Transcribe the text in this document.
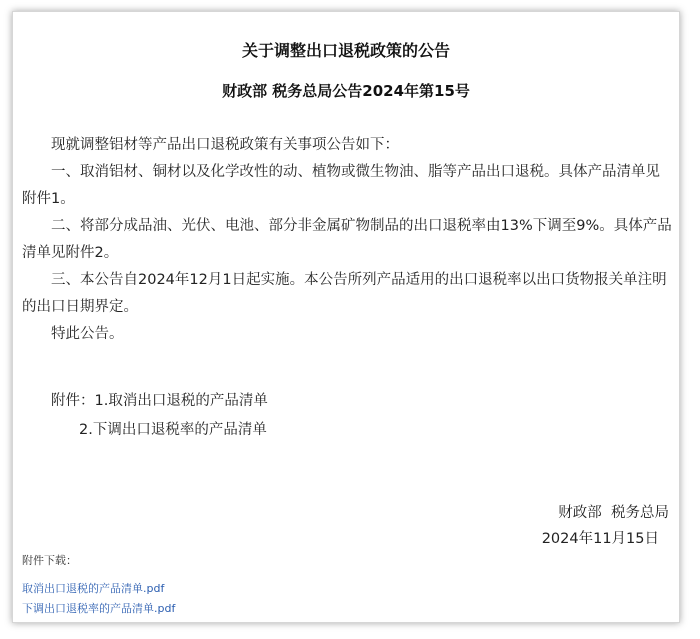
关于调整出口退税政策的公告
财政部 税务总局公告2024年第15号

现就调整铝材等产品出口退税政策有关事项公告如下：

一、取消铝材、铜材以及化学改性的动、植物或微生物油、脂等产品出口退税。具体产品清单见附件1。

二、将部分成品油、光伏、电池、部分非金属矿物制品的出口退税率由13%下调至9%。具体产品清单见附件2。

三、本公告自2024年12月1日起实施。本公告所列产品适用的出口退税率以出口货物报关单注明的出口日期界定。

特此公告。

附件：1.取消出口退税的产品清单

2.下调出口退税率的产品清单

财政部  税务总局

2024年11月15日

附件下载：

取消出口退税的产品清单.pdf
下调出口退税率的产品清单.pdf
